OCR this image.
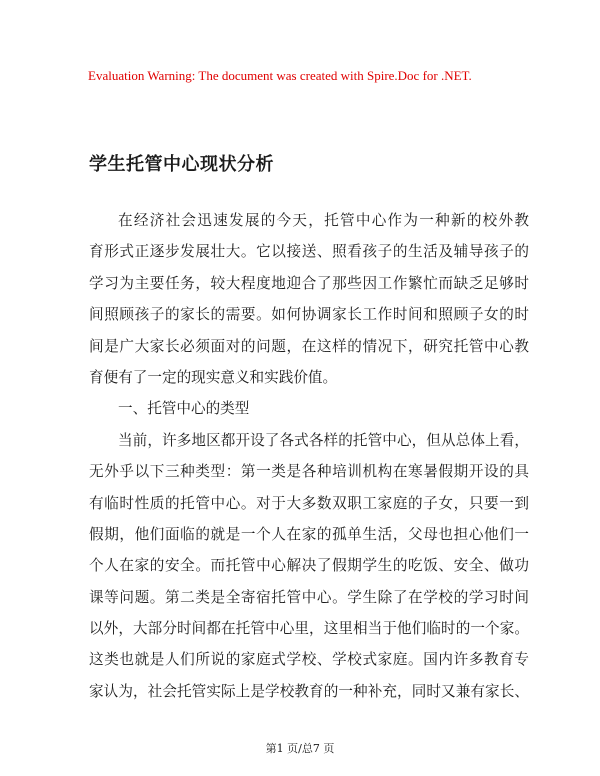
Evaluation Warning: The document was created with Spire.Doc for .NET.
学生托管中心现状分析
在经济社会迅速发展的今天，托管中心作为一种新的校外教
育形式正逐步发展壮大。它以接送、照看孩子的生活及辅导孩子的
学习为主要任务，较大程度地迎合了那些因工作繁忙而缺乏足够时
间照顾孩子的家长的需要。如何协调家长工作时间和照顾子女的时
间是广大家长必须面对的问题，在这样的情况下，研究托管中心教
育便有了一定的现实意义和实践价值。
一、托管中心的类型
当前，许多地区都开设了各式各样的托管中心，但从总体上看，
无外乎以下三种类型：第一类是各种培训机构在寒暑假期开设的具
有临时性质的托管中心。对于大多数双职工家庭的子女，只要一到
假期，他们面临的就是一个人在家的孤单生活，父母也担心他们一
个人在家的安全。而托管中心解决了假期学生的吃饭、安全、做功
课等问题。第二类是全寄宿托管中心。学生除了在学校的学习时间
以外，大部分时间都在托管中心里，这里相当于他们临时的一个家。
这类也就是人们所说的家庭式学校、学校式家庭。国内许多教育专
家认为，社会托管实际上是学校教育的一种补充，同时又兼有家长、
第1 页/总7 页
